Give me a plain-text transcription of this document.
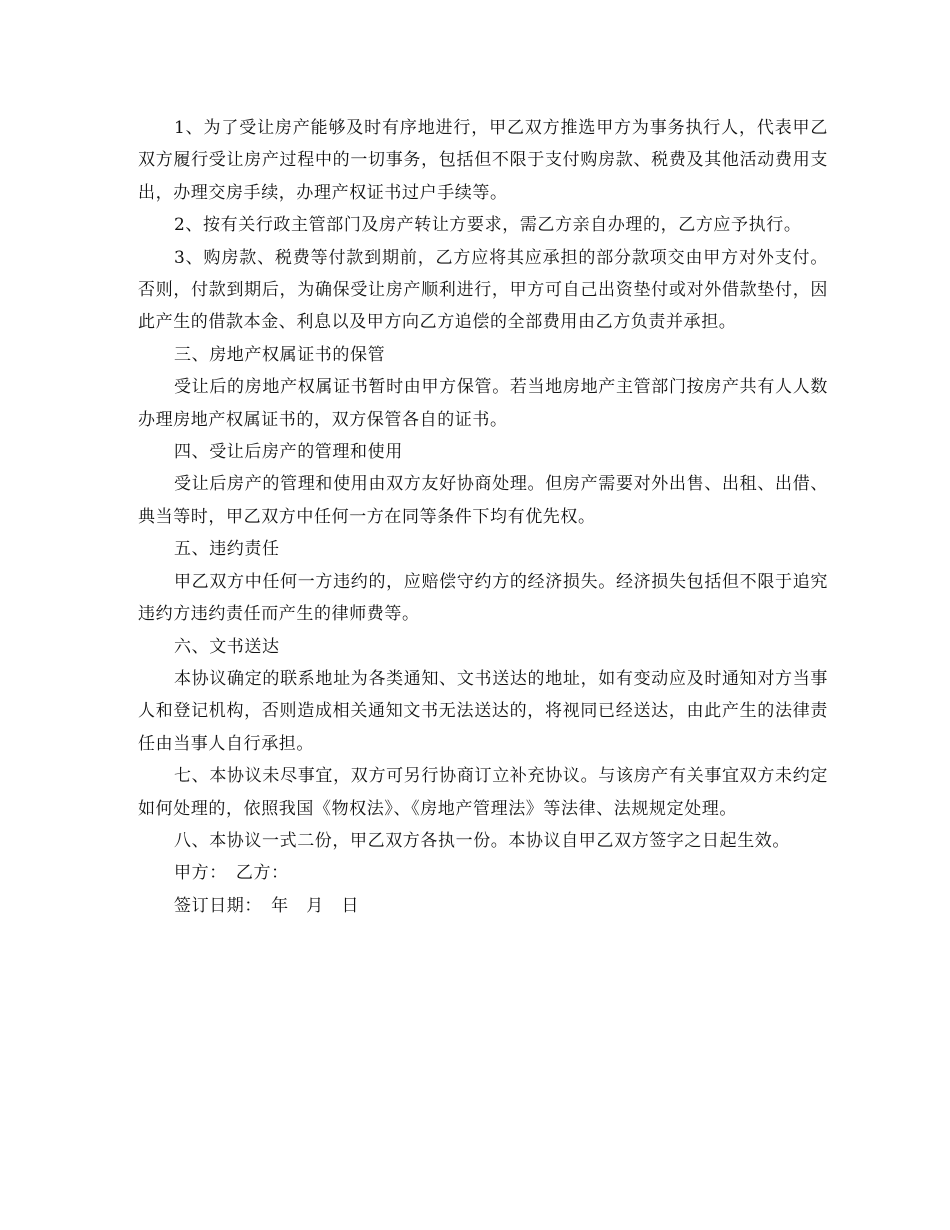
1、为了受让房产能够及时有序地进行，甲乙双方推选甲方为事务执行人，代表甲乙双方履行受让房产过程中的一切事务，包括但不限于支付购房款、税费及其他活动费用支出，办理交房手续，办理产权证书过户手续等。

2、按有关行政主管部门及房产转让方要求，需乙方亲自办理的，乙方应予执行。

3、购房款、税费等付款到期前，乙方应将其应承担的部分款项交由甲方对外支付。否则，付款到期后，为确保受让房产顺利进行，甲方可自己出资垫付或对外借款垫付，因此产生的借款本金、利息以及甲方向乙方追偿的全部费用由乙方负责并承担。

三、房地产权属证书的保管

受让后的房地产权属证书暂时由甲方保管。若当地房地产主管部门按房产共有人人数办理房地产权属证书的，双方保管各自的证书。

四、受让后房产的管理和使用

受让后房产的管理和使用由双方友好协商处理。但房产需要对外出售、出租、出借、典当等时，甲乙双方中任何一方在同等条件下均有优先权。

五、违约责任

甲乙双方中任何一方违约的，应赔偿守约方的经济损失。经济损失包括但不限于追究违约方违约责任而产生的律师费等。

六、文书送达

本协议确定的联系地址为各类通知、文书送达的地址，如有变动应及时通知对方当事人和登记机构，否则造成相关通知文书无法送达的，将视同已经送达，由此产生的法律责任由当事人自行承担。

七、本协议未尽事宜，双方可另行协商订立补充协议。与该房产有关事宜双方未约定如何处理的，依照我国《物权法》、《房地产管理法》等法律、法规规定处理。

八、本协议一式二份，甲乙双方各执一份。本协议自甲乙双方签字之日起生效。

甲方：　乙方：

签订日期：　年　月　日
